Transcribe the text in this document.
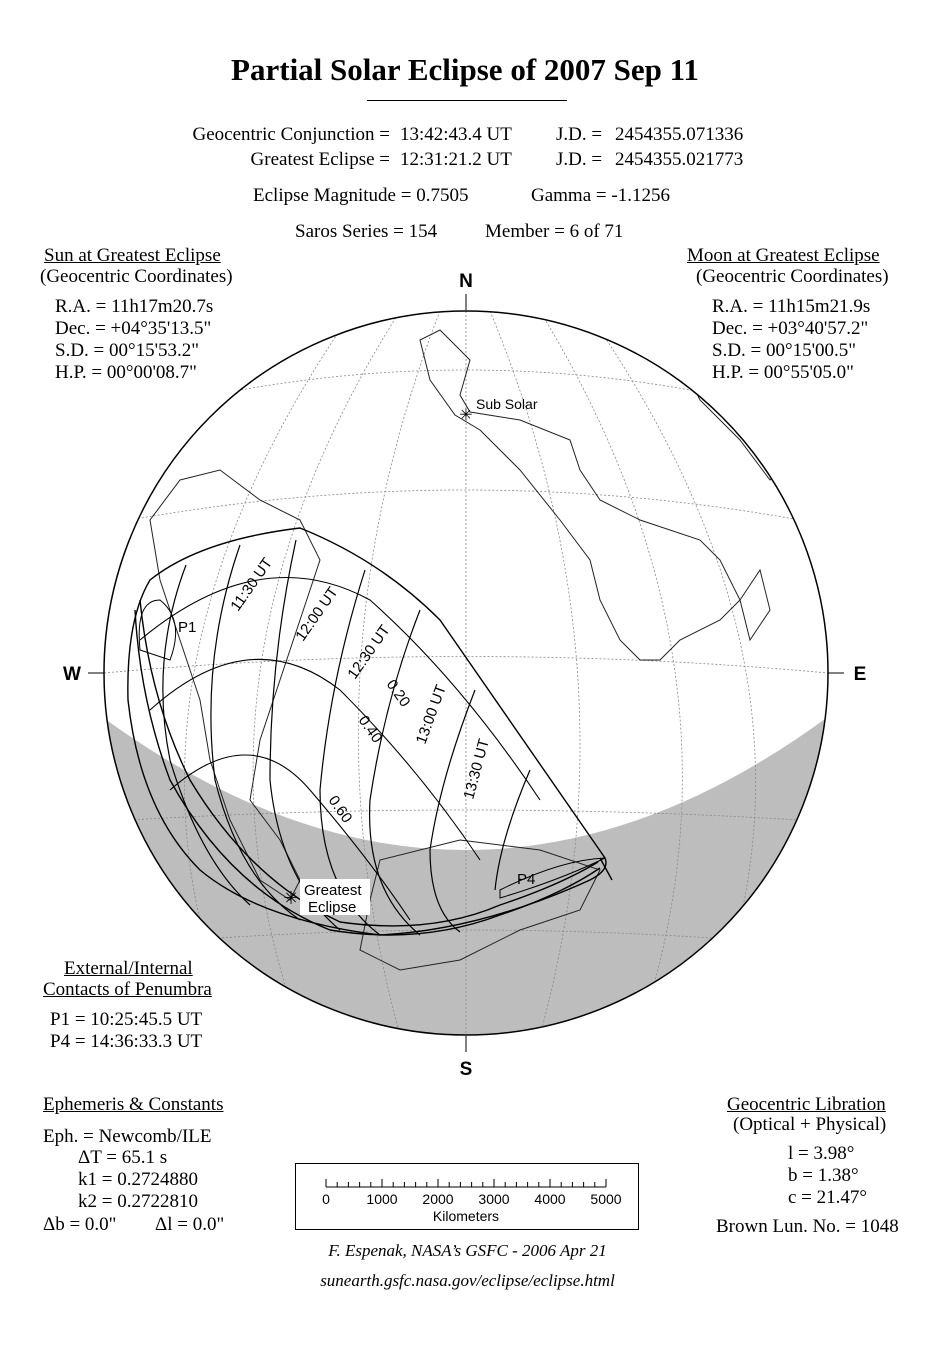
Partial Solar Eclipse of 2007 Sep 11
Geocentric Conjunction = 13:42:43.4 UT J.D. = 2454355.071336
Greatest Eclipse = 12:31:21.2 UT J.D. = 2454355.021773
Eclipse Magnitude = 0.7505	Gamma = -1.1256
Saros Series = 154	Member = 6 of 71
Sun at Greatest Eclipse
(Geocentric Coordinates)
R.A. = 11h17m20.7s
Dec. = +04°35'13.5"
S.D. = 00°15'53.2"
H.P. = 00°00'08.7"
Moon at Greatest Eclipse
(Geocentric Coordinates)
R.A. = 11h15m21.9s
Dec. = +03°40'57.2"
S.D. = 00°15'00.5"
H.P. = 00°55'05.0"
N
S
W	E
11:30 UT 12:00 UT
12:30 UT
13:00 UT
13:30 UT
0.20
0.40
0.60
P1
P4
✳
Sub Solar
✳ Greatest
Eclipse
External/Internal
Contacts of Penumbra
P1 = 10:25:45.5 UT
P4 = 14:36:33.3 UT
Ephemeris & Constants
Eph. = Newcomb/ILE
ΔT = 65.1 s
k1 = 0.2724880
k2 = 0.2722810
Δb = 0.0" Δl = 0.0"
Geocentric Libration
(Optical + Physical)
l = 3.98°
b = 1.38°
c = 21.47°
Brown Lun. No. = 1048
0	1000 2000 3000 4000 5000
Kilometers
F. Espenak, NASA’s GSFC - 2006 Apr 21
sunearth.gsfc.nasa.gov/eclipse/eclipse.html
